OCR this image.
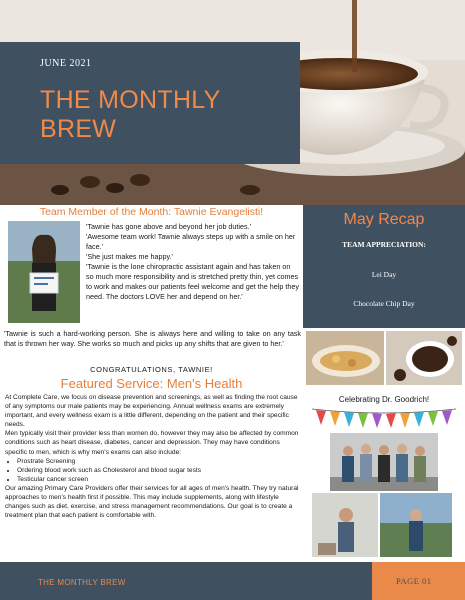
JUNE 2021
THE MONTHLY BREW
Team Member of the Month: Tawnie Evangelisti!
'Tawnie has gone above and beyond her job duties.'
'Awesome team work! Tawnie always steps up with a smile on her face.'
'She just makes me happy.'
'Tawnie is the lone chiropractic assistant again and has taken on so much more responsibility and is stretched pretty thin, yet comes to work and makes our patients feel welcome and get the help they need. The doctors LOVE her and depend on her.'
'Tawnie is such a hard-working person. She is always here and willing to take on any task that is thrown her way. She works so much and picks up any shifts that are given to her.'
CONGRATULATIONS, TAWNIE!
Featured Service: Men's Health

At Complete Care, we focus on disease prevention and screenings, as well as finding the root cause of any symptoms our male patients may be experiencing. Annual wellness exams are extremely important, and every wellness exam is a little different, depending on the patient and their specific needs.

Men typically visit their provider less than women do, however they may also be affected by common conditions such as heart disease, diabetes, cancer and depression. They may have conditions specific to men, which is why men's exams can also include:

• Prostrate Screening
• Ordering blood work such as Cholesterol and blood sugar tests
• Testicular cancer screen

Our amazing Primary Care Providers offer their services for all ages of men's health. They try natural approaches to men's health first if possible. This may include supplements, along with lifestyle changes such as diet, exercise, and stress management recommendations. Our goal is to create a treatment plan that each patient is comfortable with.

May Recap
TEAM APPRECIATION:
Lei Day
Chocolate Chip Day
Celebrating Dr. Goodrich!
THE MONTHLY BREW	PAGE 01
